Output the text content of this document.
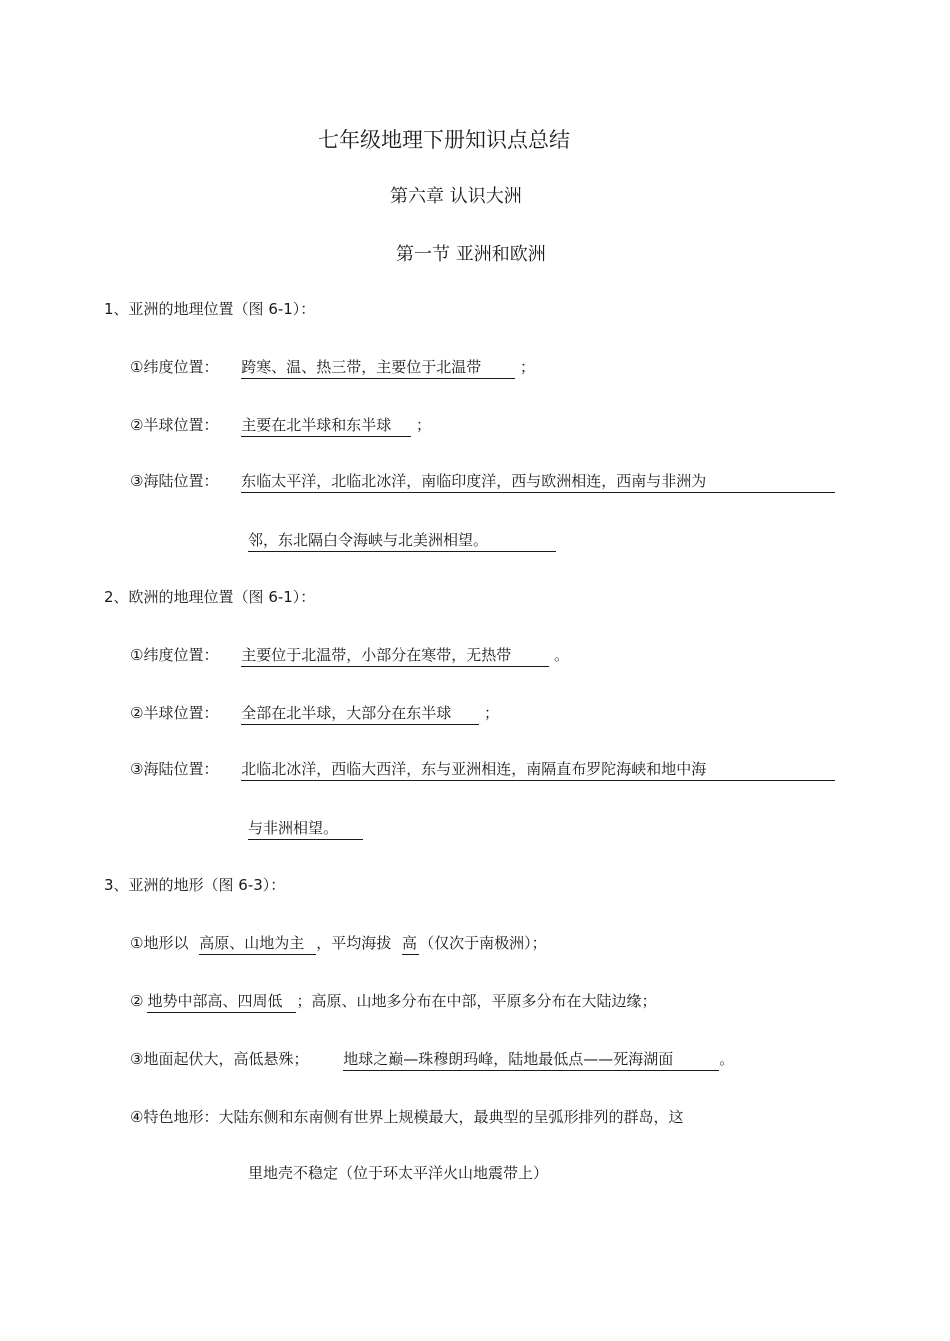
七年级地理下册知识点总结
第六章 认识大洲
第一节 亚洲和欧洲
1、亚洲的地理位置（图 6-1）：
①纬度位置： 跨寒、温、热三带，主要位于北温带	；
②半球位置： 主要在北半球和东半球 ；
③海陆位置： 东临太平洋，北临北冰洋，南临印度洋，西与欧洲相连，西南与非洲为
邻，东北隔白令海峡与北美洲相望。
2、欧洲的地理位置（图 6-1）：
①纬度位置： 主要位于北温带，小部分在寒带，无热带	。
②半球位置： 全部在北半球，大部分在东半球 ；
③海陆位置： 北临北冰洋，西临大西洋，东与亚洲相连，南隔直布罗陀海峡和地中海
与非洲相望。
3、亚洲的地形（图 6-3）：
①地形以 高原、山地为主 ，平均海拔 高 （仅次于南极洲）；
② 地势中部高、四周低 ；高原、山地多分布在中部，平原多分布在大陆边缘；
③地面起伏大，高低悬殊； 地球之巅—珠穆朗玛峰，陆地最低点——死海湖面	。
④特色地形：大陆东侧和东南侧有世界上规模最大，最典型的呈弧形排列的群岛，这
里地壳不稳定（位于环太平洋火山地震带上）
